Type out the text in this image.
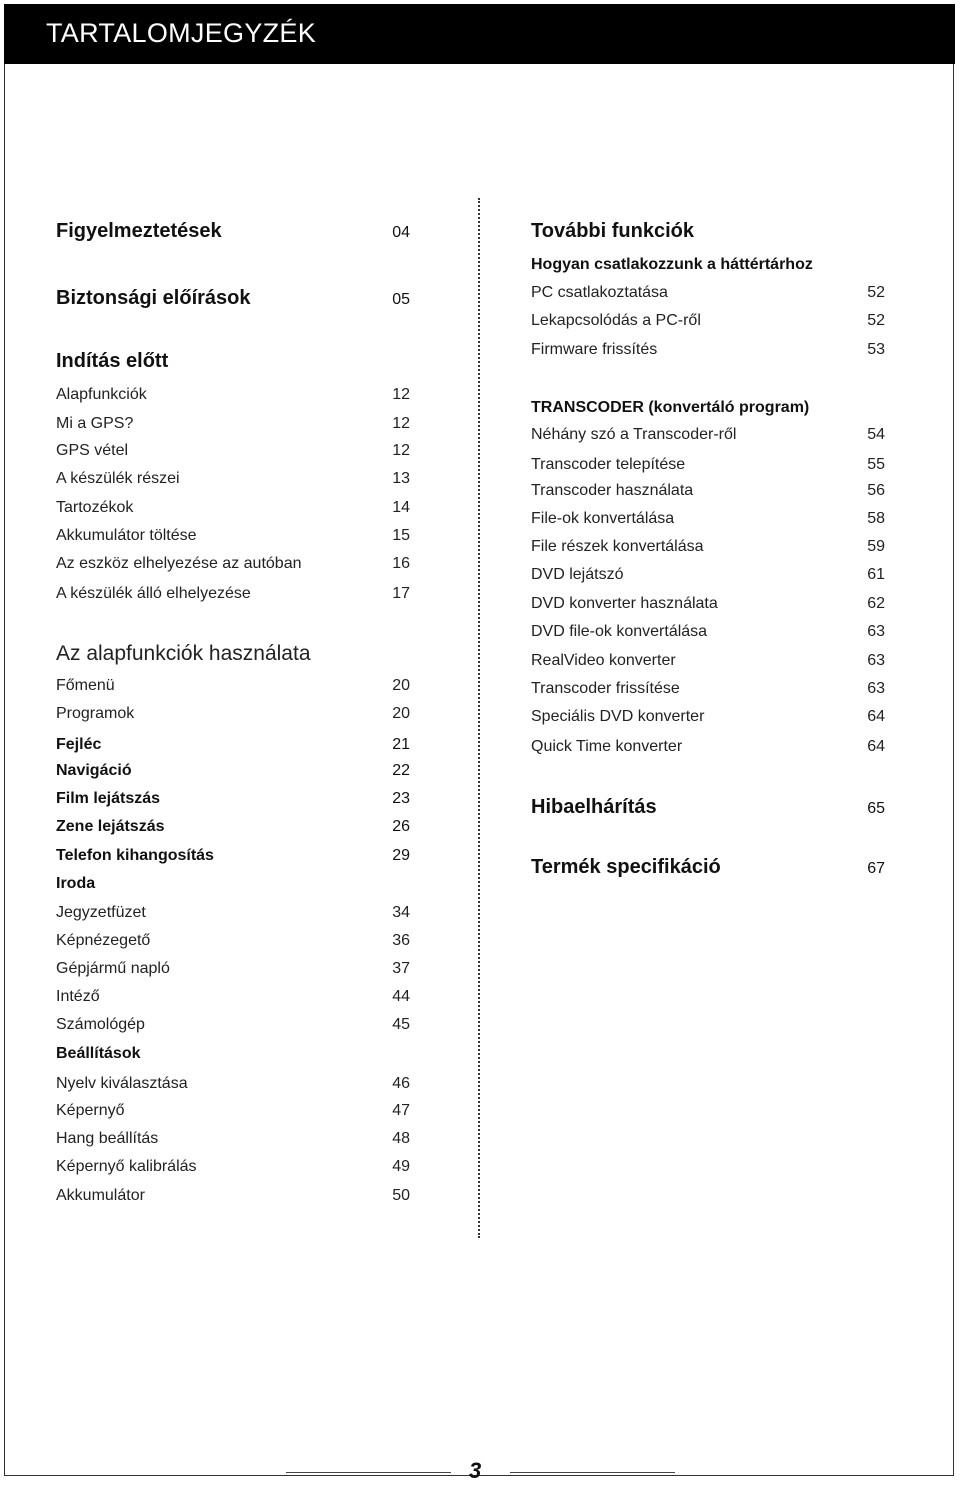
TARTALOMJEGYZÉK
Figyelmeztetések	04
Biztonsági előírások	05
Indítás előtt
Alapfunkciók	12
Mi a GPS?	12
GPS vétel	12
A készülék részei	13
Tartozékok	14
Akkumulátor töltése	15
Az eszköz elhelyezése az autóban	16
A készülék álló elhelyezése	17
Az alapfunkciók használata
Főmenü	20
Programok	20
Fejléc	21
Navigáció	22
Film lejátszás	23
Zene lejátszás	26
Telefon kihangosítás	29
Iroda
Jegyzetfüzet	34
Képnézegető	36
Gépjármű napló	37
Intéző	44
Számológép	45
Beállítások
Nyelv kiválasztása	46
Képernyő	47
Hang beállítás	48
Képernyő kalibrálás	49
Akkumulátor	50
További funkciók
Hogyan csatlakozzunk a háttértárhoz
PC csatlakoztatása	52
Lekapcsolódás a PC-ről	52
Firmware frissítés	53
TRANSCODER (konvertáló program)
Néhány szó a Transcoder-ről	54
Transcoder telepítése	55
Transcoder használata	56
File-ok konvertálása	58
File részek konvertálása	59
DVD lejátszó	61
DVD konverter használata	62
DVD file-ok konvertálása	63
RealVideo konverter	63
Transcoder frissítése	63
Speciális DVD konverter	64
Quick Time konverter	64
Hibaelhárítás	65
Termék specifikáció	67
3
